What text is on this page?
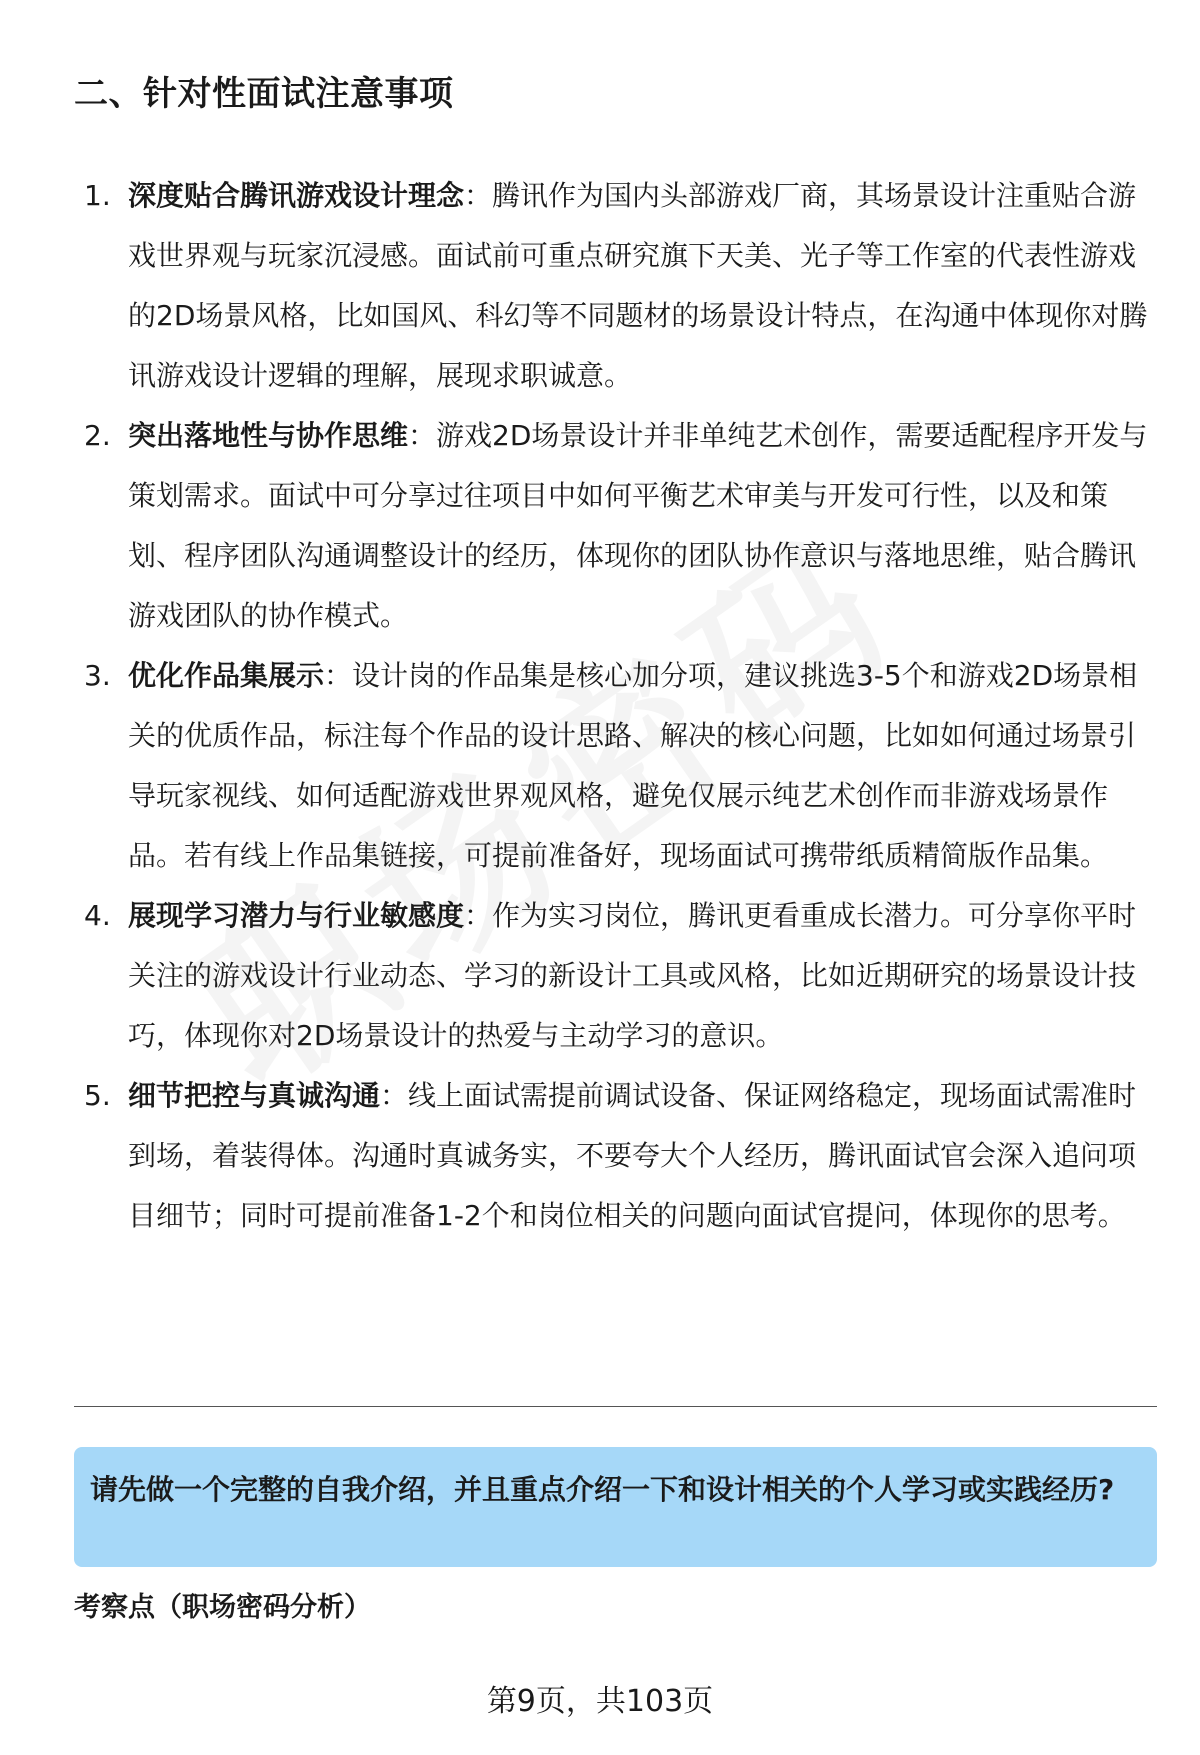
二、针对性面试注意事项
1. 深度贴合腾讯游戏设计理念：腾讯作为国内头部游戏厂商，其场景设计注重贴合游戏世界观与玩家沉浸感。面试前可重点研究旗下天美、光子等工作室的代表性游戏的2D场景风格，比如国风、科幻等不同题材的场景设计特点，在沟通中体现你对腾讯游戏设计逻辑的理解，展现求职诚意。
2. 突出落地性与协作思维：游戏2D场景设计并非单纯艺术创作，需要适配程序开发与策划需求。面试中可分享过往项目中如何平衡艺术审美与开发可行性，以及和策划、程序团队沟通调整设计的经历，体现你的团队协作意识与落地思维，贴合腾讯游戏团队的协作模式。
3. 优化作品集展示：设计岗的作品集是核心加分项，建议挑选3-5个和游戏2D场景相关的优质作品，标注每个作品的设计思路、解决的核心问题，比如如何通过场景引导玩家视线、如何适配游戏世界观风格，避免仅展示纯艺术创作而非游戏场景作品。若有线上作品集链接，可提前准备好，现场面试可携带纸质精简版作品集。
4. 展现学习潜力与行业敏感度：作为实习岗位，腾讯更看重成长潜力。可分享你平时关注的游戏设计行业动态、学习的新设计工具或风格，比如近期研究的场景设计技巧，体现你对2D场景设计的热爱与主动学习的意识。
5. 细节把控与真诚沟通：线上面试需提前调试设备、保证网络稳定，现场面试需准时到场，着装得体。沟通时真诚务实，不要夸大个人经历，腾讯面试官会深入追问项目细节；同时可提前准备1-2个和岗位相关的问题向面试官提问，体现你的思考。
请先做一个完整的自我介绍，并且重点介绍一下和设计相关的个人学习或实践经历?
考察点（职场密码分析）
第9页，共103页
